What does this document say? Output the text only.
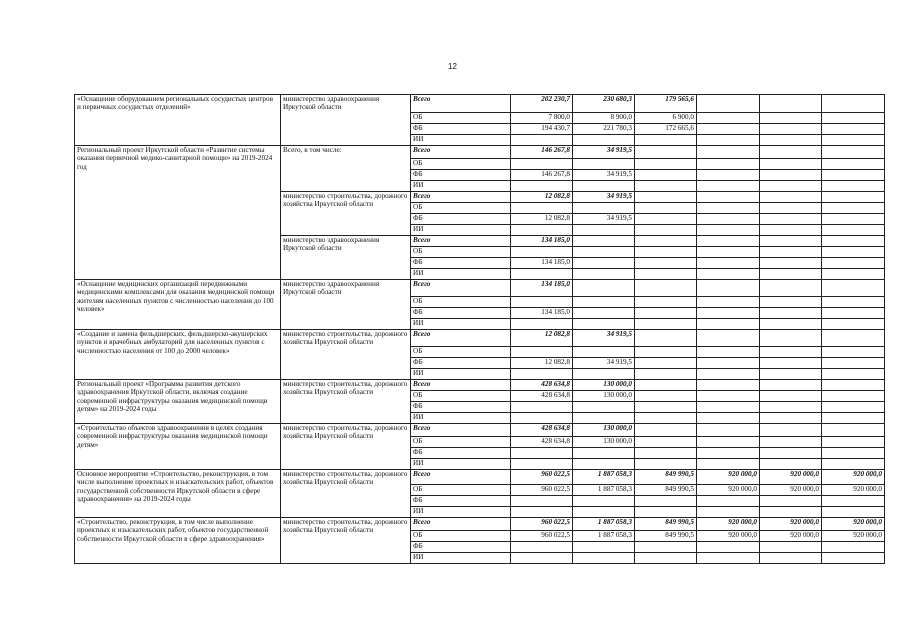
12
«Оснащение оборудованием региональных сосудистых центров и первичных сосудистых отделений»	министерство здравоохранения Иркутской области	Всего	202 230,7	230 680,3	179 565,6			
		ОБ	7 800,0	8 900,0	6 900,0			
		ФБ	194 430,7	221 780,3	172 665,6			
		ИИ						
Региональный проект Иркутской области «Развитие системы оказания первичной медико-санитарной помощи» на 2019-2024 год	Всего, в том числе:	Всего	146 267,8	34 919,5				
		ОБ						
		ФБ	146 267,8	34 919,5				
		ИИ						
	министерство строительства, дорожного хозяйства Иркутской области	Всего	12 082,8	34 919,5				
		ОБ						
		ФБ	12 082,8	34 919,5				
		ИИ						
	министерство здравоохранения Иркутской области	Всего	134 185,0					
		ОБ						
		ФБ	134 185,0					
		ИИ						
«Оснащение медицинских организаций передвижными медицинскими комплексами для оказания медицинской помощи жителям населенных пунктов с численностью населения до 100 человек»	министерство здравоохранения Иркутской области	Всего	134 185,0					
		ОБ						
		ФБ	134 185,0					
		ИИ						
«Создание и замена фельдшерских, фельдшерско-акушерских пунктов и врачебных амбулаторий для населенных пунктов с численностью населения от 100 до 2000 человек»	министерство строительства, дорожного хозяйства Иркутской области	Всего	12 082,8	34 919,5				
		ОБ						
		ФБ	12 082,8	34 919,5				
		ИИ						
Региональный проект «Программа развития детского здравоохранения Иркутской области, включая создание современной инфраструктуры оказания медицинской помощи детям» на 2019-2024 годы	министерство строительства, дорожного хозяйства Иркутской области	Всего	428 634,8	130 000,0				
		ОБ	428 634,8	130 000,0				
		ФБ						
		ИИ						
«Строительство объектов здравоохранения в целях создания современной инфраструктуры оказания медицинской помощи детям»	министерство строительства, дорожного хозяйства Иркутской области	Всего	428 634,8	130 000,0				
		ОБ	428 634,8	130 000,0				
		ФБ						
		ИИ						
Основное мероприятие «Строительство, реконструкция, в том числе выполнение проектных и изыскательских работ, объектов государственной собственности Иркутской области в сфере здравоохранения» на 2019-2024 годы	министерство строительства, дорожного хозяйства Иркутской области	Всего	960 022,5	1 887 058,3	849 990,5	920 000,0	920 000,0	920 000,0
		ОБ	960 022,5	1 887 058,3	849 990,5	920 000,0	920 000,0	920 000,0
		ФБ						
		ИИ						
«Строительство, реконструкция, в том числе выполнение проектных и изыскательских работ, объектов государственной собственности Иркутской области в сфере здравоохранения»	министерство строительства, дорожного хозяйства Иркутской области	Всего	960 022,5	1 887 058,3	849 990,5	920 000,0	920 000,0	920 000,0
		ОБ	960 022,5	1 887 058,3	849 990,5	920 000,0	920 000,0	920 000,0
		ФБ						
		ИИ						
